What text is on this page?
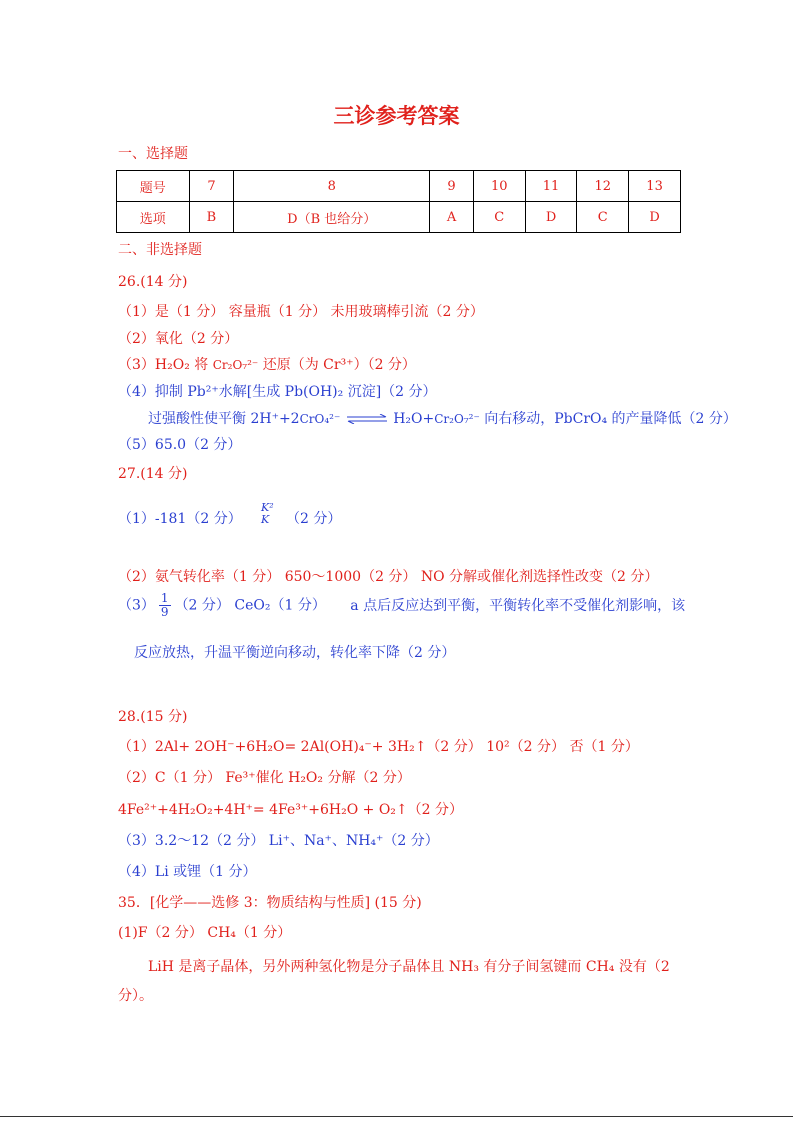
三诊参考答案
一、选择题
题号	7	8	9	10	11	12	13
选项	B	D（B 也给分）	A	C	D	C	D
二、非选择题
26.(14 分)
（1）是（1 分） 容量瓶（1 分） 未用玻璃棒引流（2 分）
（2）氧化（2 分）
（3）H₂O₂ 将 Cr₂O₇²⁻ 还原（为 Cr³⁺）（2 分）
（4）抑制 Pb²⁺水解[生成 Pb(OH)₂ 沉淀]（2 分）
过强酸性使平衡 2H⁺+2CrO₄²⁻ ⇌ H₂O+Cr₂O₇²⁻ 向右移动，PbCrO₄ 的产量降低（2 分）
（5）65.0（2 分）
27.(14 分)
（1）-181（2 分）
K²
K	（2 分）
（2）氨气转化率（1 分） 650～1000（2 分） NO 分解或催化剂选择性改变（2 分）
$(3) \frac{1}{9} (2$ 分） CeO₂（1 分） a 点后反应达到平衡，平衡转化率不受催化剂影响，该
反应放热，升温平衡逆向移动，转化率下降（2 分）
28.(15 分)
（1）2Al+ 2OH⁻+6H₂O= 2Al(OH)₄⁻+ 3H₂↑（2 分） 10²（2 分） 否（1 分）
（2）C（1 分） Fe³⁺催化 H₂O₂ 分解（2 分）
4Fe²⁺+4H₂O₂+4H⁺= 4Fe³⁺+6H₂O + O₂↑（2 分）
（3）3.2～12（2 分） Li⁺、Na⁺、NH₄⁺（2 分）
（4）Li 或锂（1 分）
35．[化学——选修 3：物质结构与性质] (15 分)
(1)F（2 分） CH₄（1 分）
LiH 是离子晶体，另外两种氢化物是分子晶体且 NH₃ 有分子间氢键而 CH₄ 没有（2
分）。
